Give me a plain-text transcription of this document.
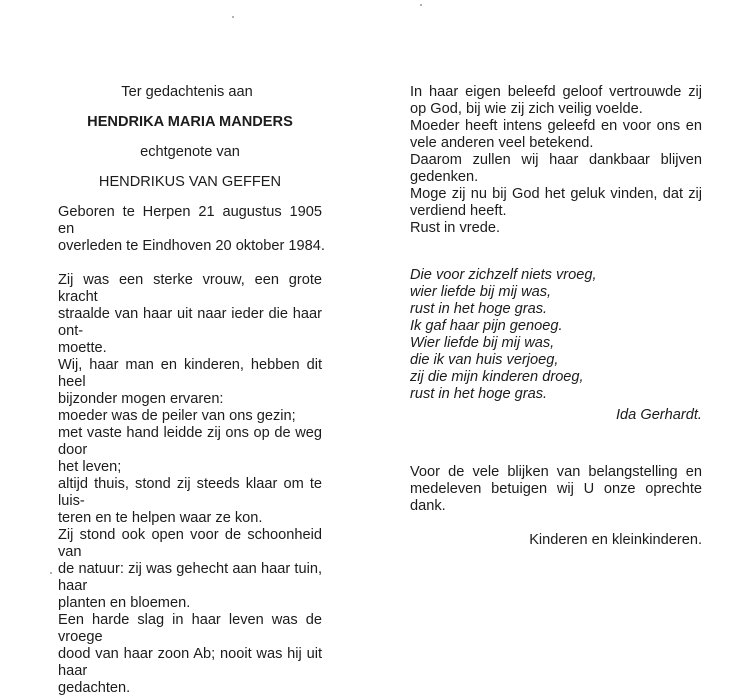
Ter gedachtenis aan
HENDRIKA MARIA MANDERS
echtgenote van
HENDRIKUS VAN GEFFEN
Geboren te Herpen 21 augustus 1905 en
overleden te Eindhoven 20 oktober 1984.
Zij was een sterke vrouw, een grote kracht
straalde van haar uit naar ieder die haar ont-
moette.
Wij, haar man en kinderen, hebben dit heel
bijzonder mogen ervaren:
moeder was de peiler van ons gezin;
met vaste hand leidde zij ons op de weg door
het leven;
altijd thuis, stond zij steeds klaar om te luis-
teren en te helpen waar ze kon.
Zij stond ook open voor de schoonheid van
de natuur: zij was gehecht aan haar tuin, haar
planten en bloemen.
Een harde slag in haar leven was de vroege
dood van haar zoon Ab; nooit was hij uit haar
gedachten.
In haar eigen beleefd geloof vertrouwde zij
op God, bij wie zij zich veilig voelde.
Moeder heeft intens geleefd en voor ons en
vele anderen veel betekend.
Daarom zullen wij haar dankbaar blijven
gedenken.
Moge zij nu bij God het geluk vinden, dat zij
verdiend heeft.
Rust in vrede.
Die voor zichzelf niets vroeg,
wier liefde bij mij was,
rust in het hoge gras.
Ik gaf haar pijn genoeg.
Wier liefde bij mij was,
die ik van huis verjoeg,
zij die mijn kinderen droeg,
rust in het hoge gras.
Ida Gerhardt.
Voor de vele blijken van belangstelling en
medeleven betuigen wij U onze oprechte
dank.
Kinderen en kleinkinderen.
